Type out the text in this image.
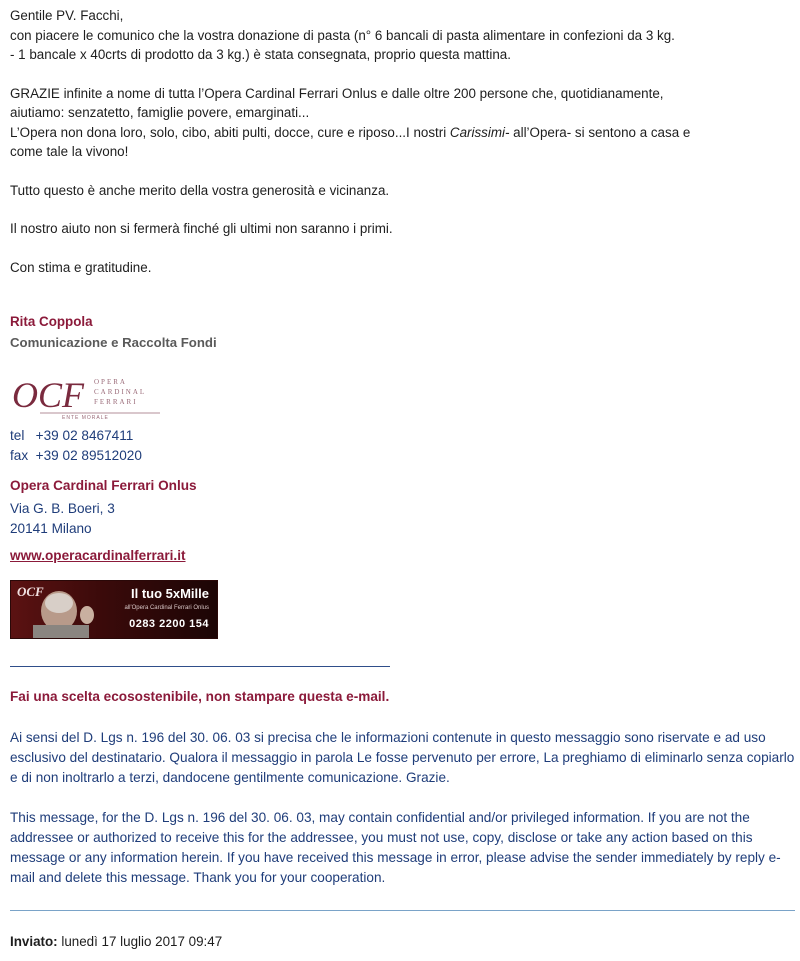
Gentile PV. Facchi,

con piacere le comunico che la vostra donazione di pasta (n° 6 bancali di pasta alimentare in confezioni da 3 kg.

- 1 bancale x 40crts di prodotto da 3 kg.) è stata consegnata, proprio questa mattina.

GRAZIE infinite a nome di tutta l’Opera Cardinal Ferrari Onlus e dalle oltre 200 persone che, quotidianamente,

aiutiamo: senzatetto, famiglie povere, emarginati...

L’Opera non dona loro, solo, cibo, abiti pulti, docce, cure e riposo...I nostri Carissimi- all’Opera- si sentono a casa e

come tale la vivono!

Tutto questo è anche merito della vostra generosità e vicinanza.

Il nostro aiuto non si fermerà finché gli ultimi non saranno i primi.

Con stima e gratitudine.

Rita Coppola
Comunicazione e Raccolta Fondi
OCF OPERA
CARDINAL
FERRARI
ENTE MORALE
tel   +39 02 8467411
fax  +39 02 89512020
Opera Cardinal Ferrari Onlus
Via G. B. Boeri, 3
20141 Milano
www.operacardinalferrari.it
OCF	Il tuo 5xMille
all'Opera Cardinal Ferrari Onlus
0283 2200 154
Fai una scelta ecosostenibile, non stampare questa e-mail.

Ai sensi del D. Lgs n. 196 del 30. 06. 03 si precisa che le informazioni contenute in questo messaggio sono riservate e ad uso esclusivo del destinatario. Qualora il messaggio in parola Le fosse pervenuto per errore, La preghiamo di eliminarlo senza copiarlo e di non inoltrarlo a terzi, dandocene gentilmente comunicazione. Grazie.

This message, for the D. Lgs n. 196 del 30. 06. 03, may contain confidential and/or privileged information. If you are not the addressee or authorized to receive this for the addressee, you must not use, copy, disclose or take any action based on this message or any information herein. If you have received this message in error, please advise the sender immediately by reply e-mail and delete this message. Thank you for your cooperation.

Inviato: lunedì 17 luglio 2017 09:47
